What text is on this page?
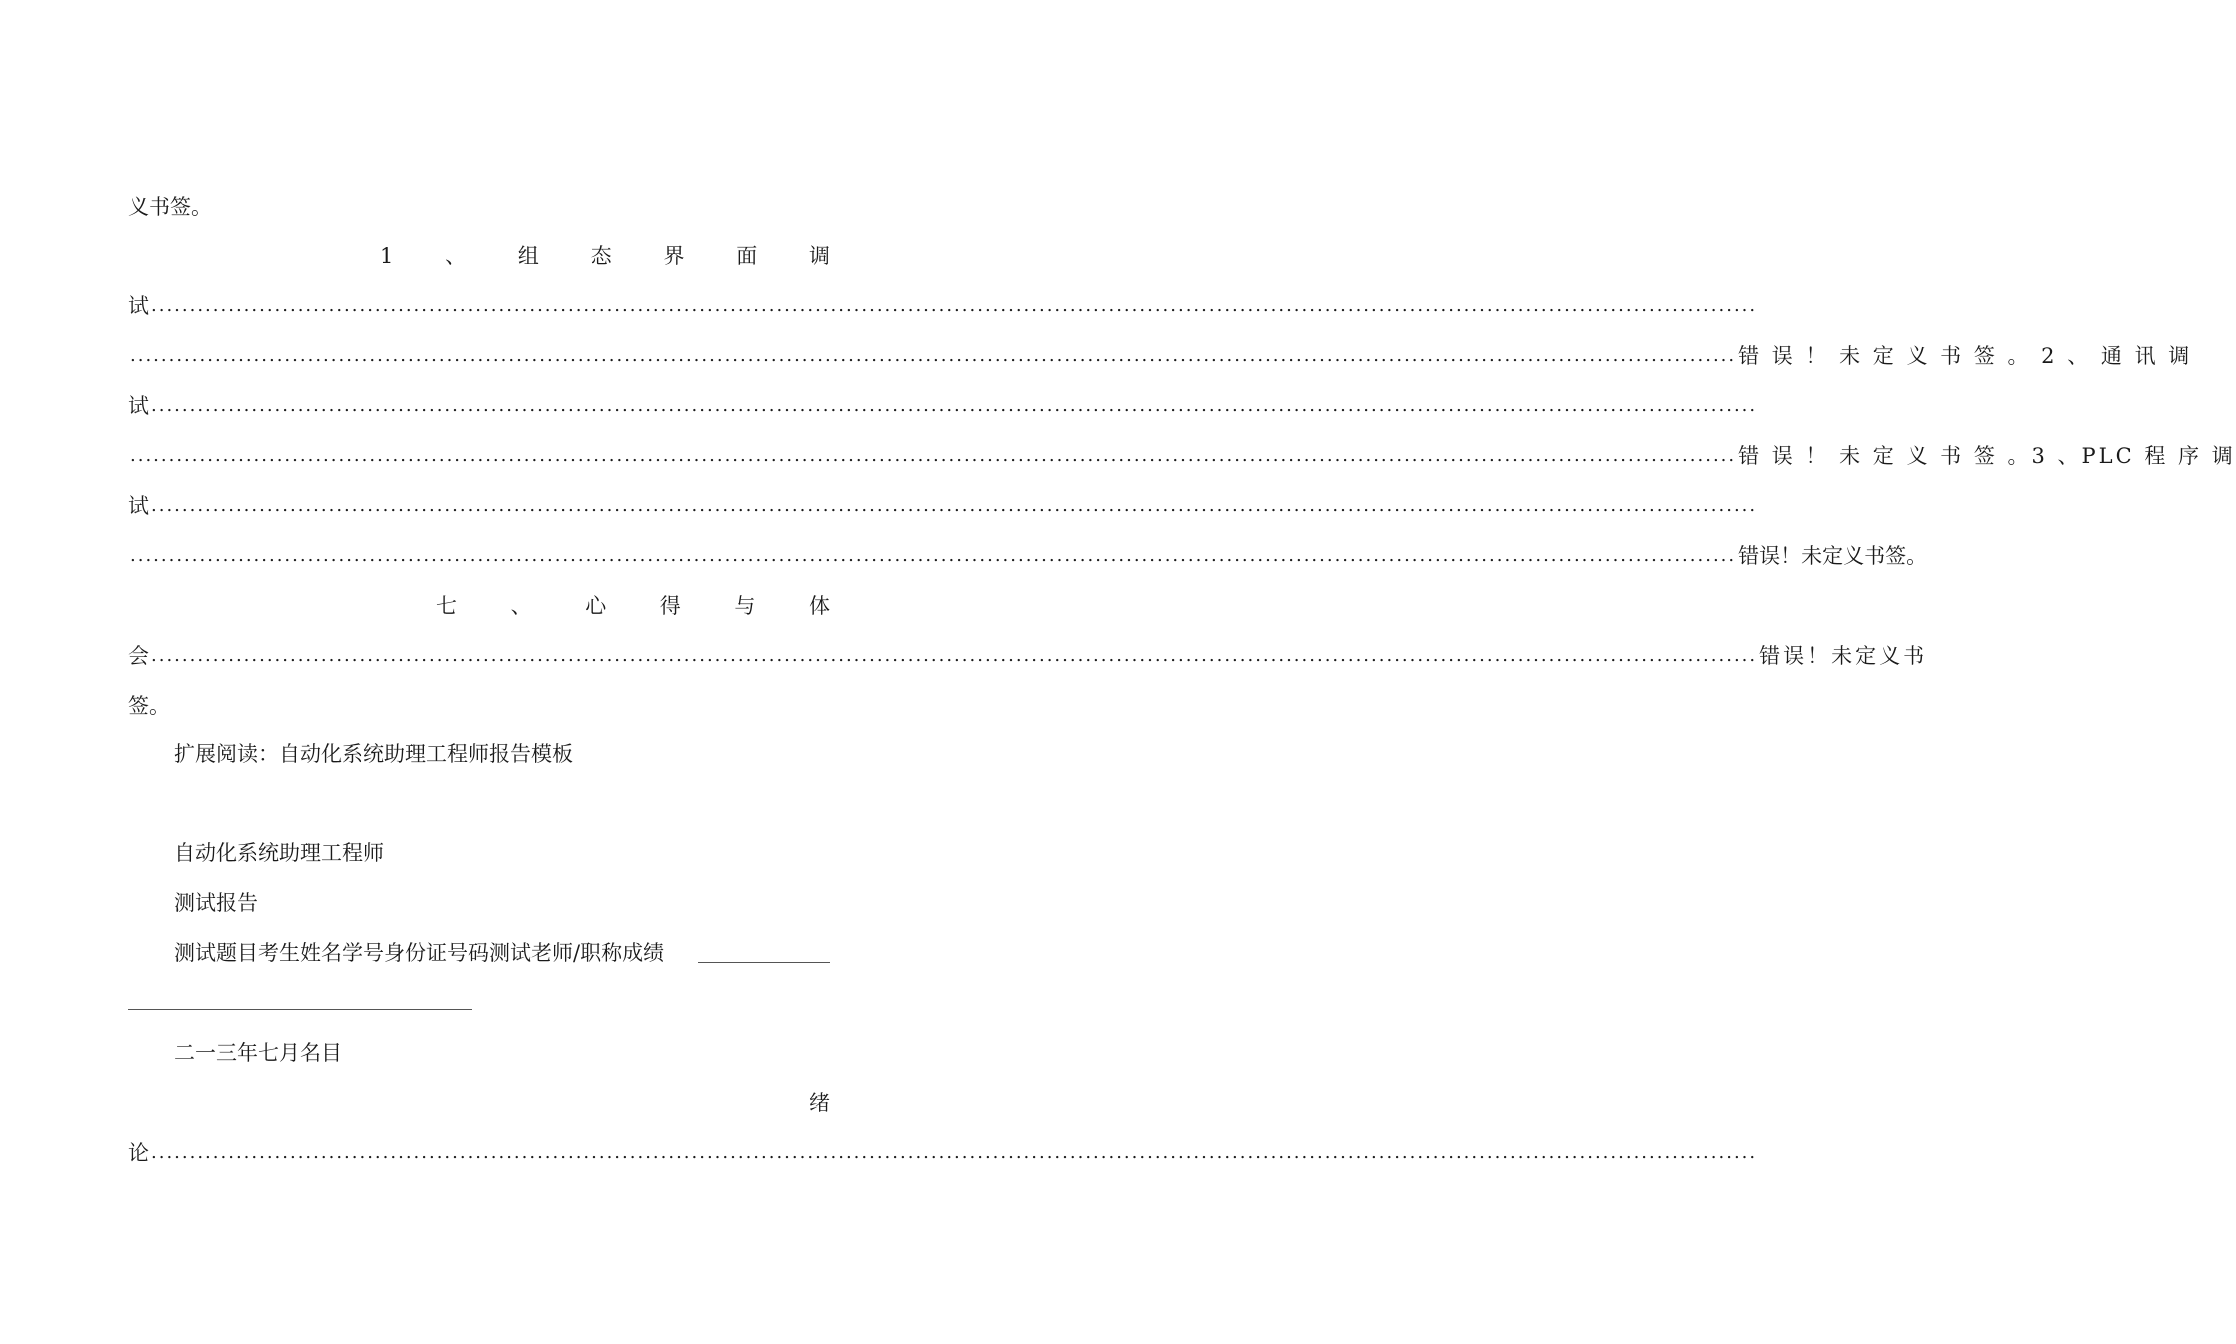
义书签。
1 、 组 态 界 面 调
试
.....
.....
错 误 ！ 未 定 义 书 签 。 2 、 通 讯 调
试
.....
.....
错 误 ！ 未 定 义 书 签 。3 、PLC 程 序 调
试
.....
.....
错误！未定义书签。
七	、	心	得	与	体
会
.....	错误！未定义书
签。
扩展阅读：自动化系统助理工程师报告模板
自动化系统助理工程师
测试报告
测试题目考生姓名学号身份证号码测试老师/职称成绩
二一三年七月名目
绪
论
.....
